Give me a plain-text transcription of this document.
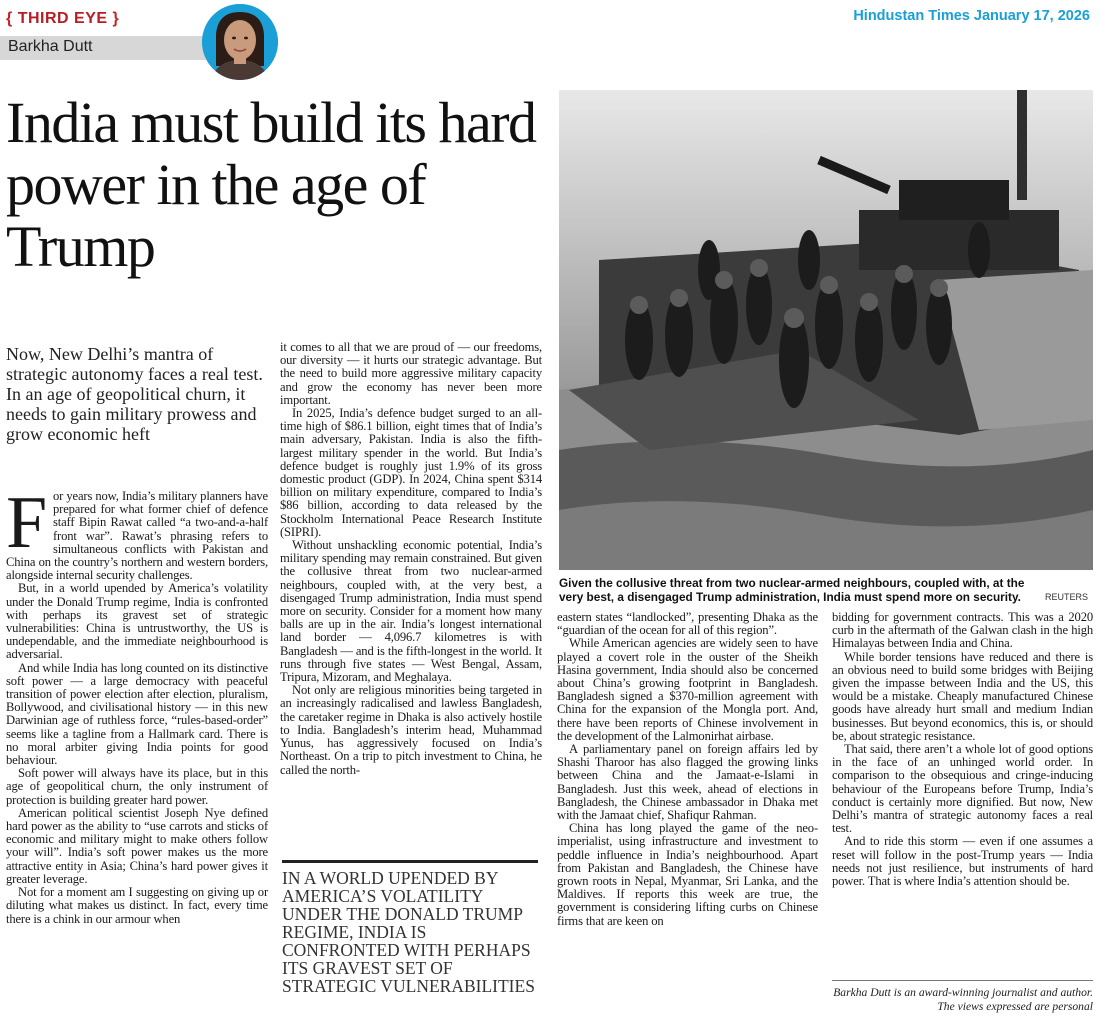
{ THIRD EYE }
Barkha Dutt
Hindustan Times January 17, 2026
India must build its hard power in the age of Trump
Now, New Delhi’s mantra of strategic autonomy faces a real test. In an age of geopolitical churn, it needs to gain military prowess and grow economic heft
F or years now, India’s military planners have prepared for what former chief of defence staff Bipin Rawat called “a two-and-a-half front war”. Rawat’s phrasing refers to simultaneous conflicts with Pakistan and China on the country’s northern and western borders, alongside internal security challenges.

But, in a world upended by America’s volatility under the Donald Trump regime, India is confronted with perhaps its gravest set of strategic vulnerabilities: China is untrustworthy, the US is undependable, and the immediate neighbourhood is adversarial.

And while India has long counted on its distinctive soft power — a large democracy with peaceful transition of power election after election, pluralism, Bollywood, and civilisational history — in this new Darwinian age of ruthless force, “rules-based-order” seems like a tagline from a Hallmark card. There is no moral arbiter giving India points for good behaviour.

Soft power will always have its place, but in this age of geopolitical churn, the only instrument of protection is building greater hard power.

American political scientist Joseph Nye defined hard power as the ability to “use carrots and sticks of economic and military might to make others follow your will”. India’s soft power makes us the more attractive entity in Asia; China’s hard power gives it greater leverage.

Not for a moment am I suggesting on giving up or diluting what makes us distinct. In fact, every time there is a chink in our armour when

it comes to all that we are proud of — our freedoms, our diversity — it hurts our strategic advantage. But the need to build more aggressive military capacity and grow the economy has never been more important.

In 2025, India’s defence budget surged to an all-time high of $86.1 billion, eight times that of India’s main adversary, Pakistan. India is also the fifth-largest military spender in the world. But India’s defence budget is roughly just 1.9% of its gross domestic product (GDP). In 2024, China spent $314 billion on military expenditure, compared to India’s $86 billion, according to data released by the Stockholm International Peace Research Institute (SIPRI).

Without unshackling economic potential, India’s military spending may remain constrained. But given the collusive threat from two nuclear-armed neighbours, coupled with, at the very best, a disengaged Trump administration, India must spend more on security. Consider for a moment how many balls are up in the air. India’s longest international land border — 4,096.7 kilometres is with Bangladesh — and is the fifth-longest in the world. It runs through five states — West Bengal, Assam, Tripura, Mizoram, and Meghalaya.

Not only are religious minorities being targeted in an increasingly radicalised and lawless Bangladesh, the caretaker regime in Dhaka is also actively hostile to India. Bangladesh’s interim head, Muhammad Yunus, has aggressively focused on India’s Northeast. On a trip to pitch investment to China, he called the north-

IN A WORLD UPENDED BY AMERICA’S VOLATILITY UNDER THE DONALD TRUMP REGIME, INDIA IS CONFRONTED WITH PERHAPS ITS GRAVEST SET OF STRATEGIC VULNERABILITIES
Given the collusive threat from two nuclear-armed neighbours, coupled with, at the very best, a disengaged Trump administration, India must spend more on security.	REUTERS

eastern states “landlocked”, presenting Dhaka as the “guardian of the ocean for all of this region”.

While American agencies are widely seen to have played a covert role in the ouster of the Sheikh Hasina government, India should also be concerned about China’s growing footprint in Bangladesh. Bangladesh signed a $370-million agreement with China for the expansion of the Mongla port. And, there have been reports of Chinese involvement in the development of the Lalmonirhat airbase.

A parliamentary panel on foreign affairs led by Shashi Tharoor has also flagged the growing links between China and the Jamaat-e-Islami in Bangladesh. Just this week, ahead of elections in Bangladesh, the Chinese ambassador in Dhaka met with the Jamaat chief, Shafiqur Rahman.

China has long played the game of the neo-imperialist, using infrastructure and investment to peddle influence in India’s neighbourhood. Apart from Pakistan and Bangladesh, the Chinese have grown roots in Nepal, Myanmar, Sri Lanka, and the Maldives. If reports this week are true, the government is considering lifting curbs on Chinese firms that are keen on

bidding for government contracts. This was a 2020 curb in the aftermath of the Galwan clash in the high Himalayas between India and China.

While border tensions have reduced and there is an obvious need to build some bridges with Beijing given the impasse between India and the US, this would be a mistake. Cheaply manufactured Chinese goods have already hurt small and medium Indian businesses. But beyond economics, this is, or should be, about strategic resistance.

That said, there aren’t a whole lot of good options in the face of an unhinged world order. In comparison to the obsequious and cringe-inducing behaviour of the Europeans before Trump, India’s conduct is certainly more dignified. But now, New Delhi’s mantra of strategic autonomy faces a real test.

And to ride this storm — even if one assumes a reset will follow in the post-Trump years — India needs not just resilience, but instruments of hard power. That is where India’s attention should be.

Barkha Dutt is an award-winning journalist and author. The views expressed are personal
